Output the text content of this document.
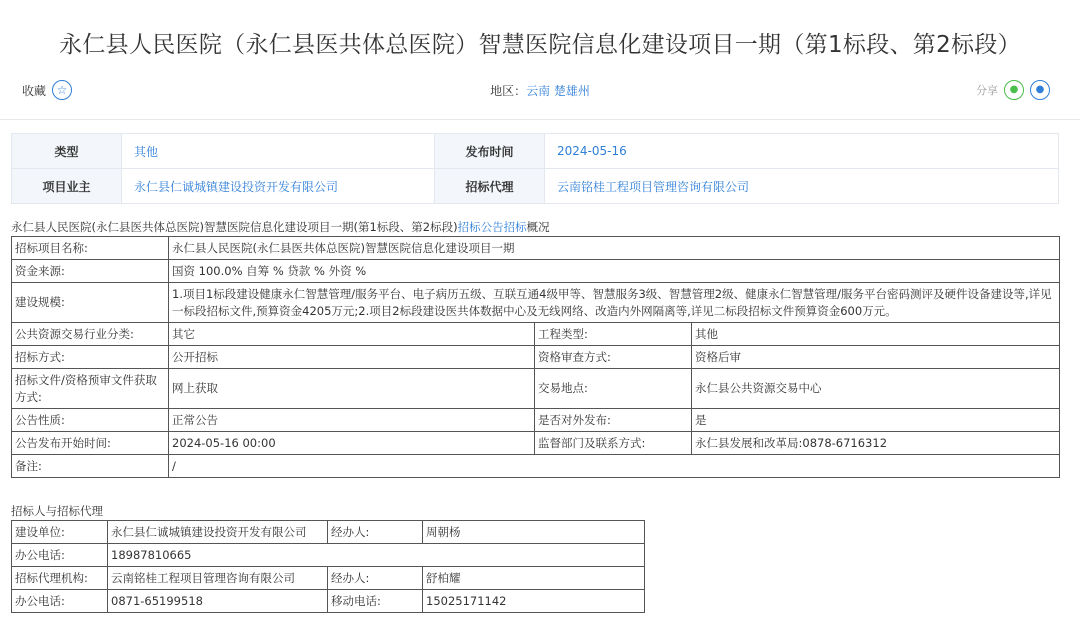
永仁县人民医院（永仁县医共体总医院）智慧医院信息化建设项目一期（第1标段、第2标段）
收藏 ☆	地区：云南 楚雄州	分享	●	●
类型	其他	发布时间	2024-05-16
项目业主	永仁县仁诚城镇建设投资开发有限公司	招标代理	云南铭桂工程项目管理咨询有限公司
永仁县人民医院(永仁县医共体总医院)智慧医院信息化建设项目一期(第1标段、第2标段)招标公告招标概况
招标项目名称:	永仁县人民医院(永仁县医共体总医院)智慧医院信息化建设项目一期		
资金来源:	国资 100.0% 自筹 % 贷款 % 外资 %		
建设规模:	1.项目1标段建设健康永仁智慧管理/服务平台、电子病历五级、互联互通4级甲等、智慧服务3级、智慧管理2级、健康永仁智慧管理/服务平台密码测评及硬件设备建设等,详见一标段招标文件,预算资金4205万元;2.项目2标段建设医共体数据中心及无线网络、改造内外网隔离等,详见二标段招标文件预算资金600万元。		
公共资源交易行业分类:	其它	工程类型:	其他
招标方式:	公开招标	资格审查方式:	资格后审
招标文件/资格预审文件获取方式:	网上获取	交易地点:	永仁县公共资源交易中心
公告性质:	正常公告	是否对外发布:	是
公告发布开始时间:	2024-05-16 00:00	监督部门及联系方式:	永仁县发展和改革局:0878-6716312
备注:	/		
招标人与招标代理
建设单位:	永仁县仁诚城镇建设投资开发有限公司	经办人:	周朝杨
办公电话:	18987810665		
招标代理机构:	云南铭桂工程项目管理咨询有限公司	经办人:	舒柏耀
办公电话:	0871-65199518	移动电话:	15025171142
